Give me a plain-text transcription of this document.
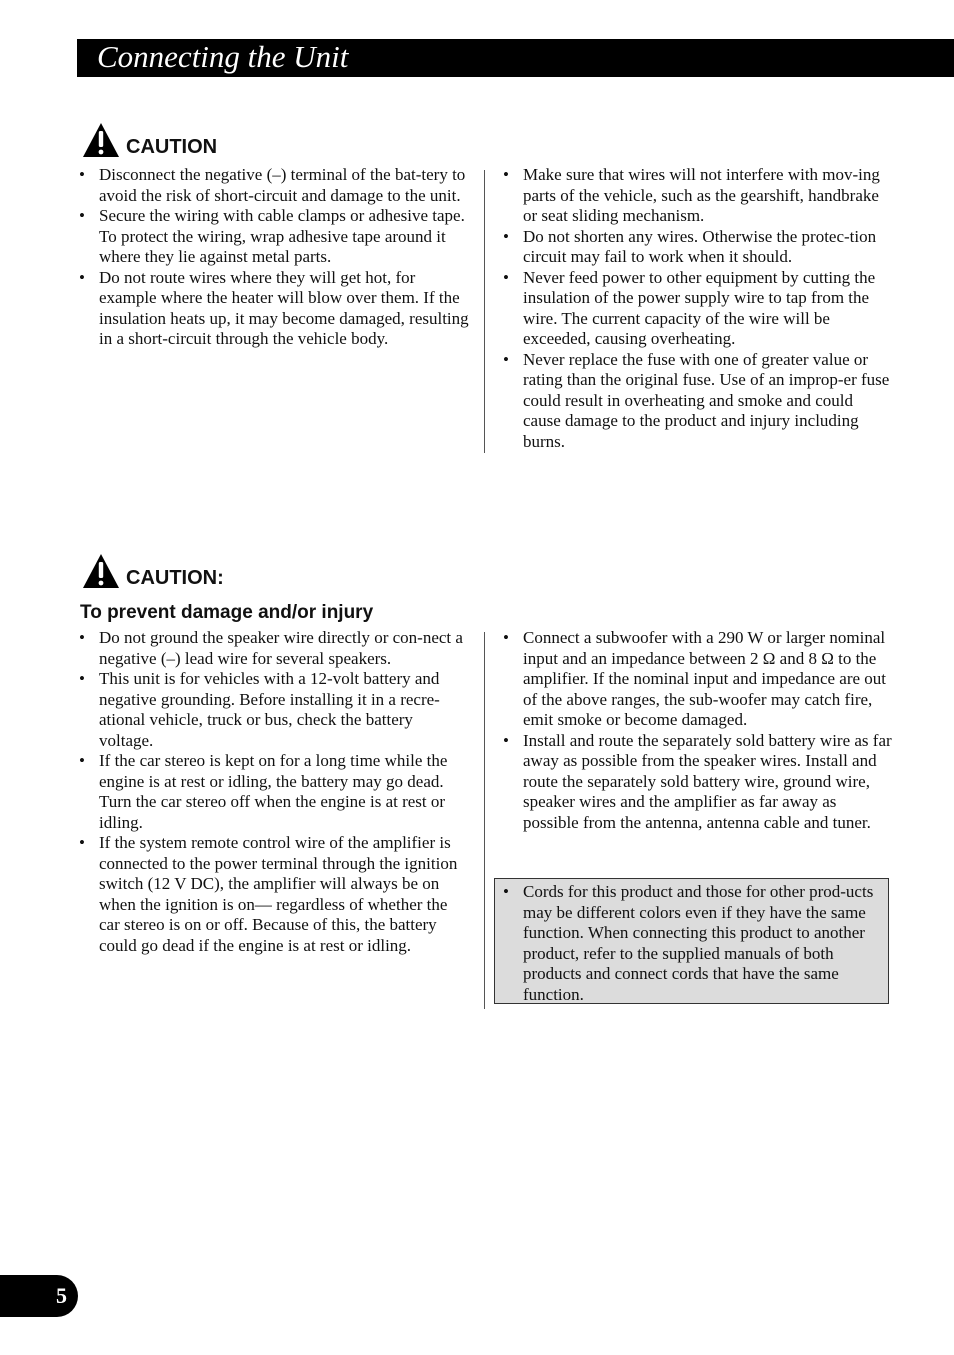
Connecting the Unit
CAUTION
• Disconnect the negative (–) terminal of the bat-tery to avoid the risk of short-circuit and damage to the unit.
• Secure the wiring with cable clamps or adhesive tape. To protect the wiring, wrap adhesive tape around it where they lie against metal parts.
• Do not route wires where they will get hot, for example where the heater will blow over them. If the insulation heats up, it may become damaged, resulting in a short-circuit through the vehicle body.
• Make sure that wires will not interfere with mov-ing parts of the vehicle, such as the gearshift, handbrake or seat sliding mechanism.
• Do not shorten any wires. Otherwise the protec-tion circuit may fail to work when it should.
• Never feed power to other equipment by cutting the insulation of the power supply wire to tap from the wire. The current capacity of the wire will be exceeded, causing overheating.
• Never replace the fuse with one of greater value or rating than the original fuse. Use of an improp-er fuse could result in overheating and smoke and could cause damage to the product and injury including burns.
CAUTION:
To prevent damage and/or injury
• Do not ground the speaker wire directly or con-nect a negative (–) lead wire for several speakers.
• This unit is for vehicles with a 12-volt battery and negative grounding. Before installing it in a recre-ational vehicle, truck or bus, check the battery voltage.
• If the car stereo is kept on for a long time while the engine is at rest or idling, the battery may go dead. Turn the car stereo off when the engine is at rest or idling.
• If the system remote control wire of the amplifier is connected to the power terminal through the ignition switch (12 V DC), the amplifier will always be on when the ignition is on— regardless of whether the car stereo is on or off. Because of this, the battery could go dead if the engine is at rest or idling.
• Connect a subwoofer with a 290 W or larger nominal input and an impedance between 2 Ω and 8 Ω to the amplifier. If the nominal input and impedance are out of the above ranges, the sub-woofer may catch fire, emit smoke or become damaged.
• Install and route the separately sold battery wire as far away as possible from the speaker wires. Install and route the separately sold battery wire, ground wire, speaker wires and the amplifier as far away as possible from the antenna, antenna cable and tuner.
• Cords for this product and those for other prod-ucts may be different colors even if they have the same function. When connecting this product to another product, refer to the supplied manuals of both products and connect cords that have the same function.
5
